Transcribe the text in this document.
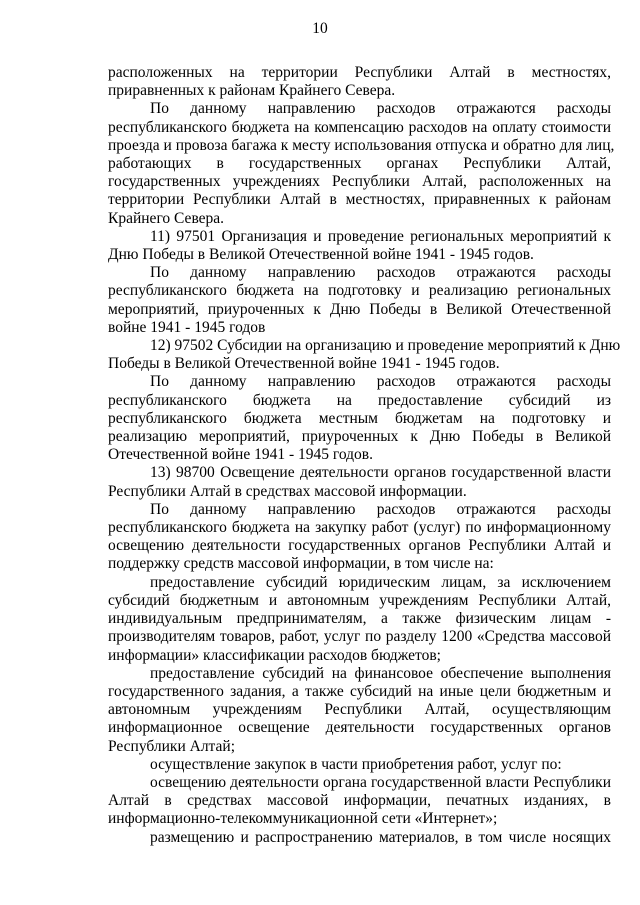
10
расположенных на территории Республики Алтай в местностях,
приравненных к районам Крайнего Севера.
По данному направлению расходов отражаются расходы
республиканского бюджета на компенсацию расходов на оплату стоимости
проезда и провоза багажа к месту использования отпуска и обратно для лиц,
работающих в государственных органах Республики Алтай,
государственных учреждениях Республики Алтай, расположенных на
территории Республики Алтай в местностях, приравненных к районам
Крайнего Севера.
11) 97501 Организация и проведение региональных мероприятий к
Дню Победы в Великой Отечественной войне 1941 - 1945 годов.
По данному направлению расходов отражаются расходы
республиканского бюджета на подготовку и реализацию региональных
мероприятий, приуроченных к Дню Победы в Великой Отечественной
войне 1941 - 1945 годов
12) 97502 Субсидии на организацию и проведение мероприятий к Дню
Победы в Великой Отечественной войне 1941 - 1945 годов.
По данному направлению расходов отражаются расходы
республиканского бюджета на предоставление субсидий из
республиканского бюджета местным бюджетам на подготовку и
реализацию мероприятий, приуроченных к Дню Победы в Великой
Отечественной войне 1941 - 1945 годов.
13) 98700 Освещение деятельности органов государственной власти
Республики Алтай в средствах массовой информации.
По данному направлению расходов отражаются расходы
республиканского бюджета на закупку работ (услуг) по информационному
освещению деятельности государственных органов Республики Алтай и
поддержку средств массовой информации, в том числе на:
предоставление субсидий юридическим лицам, за исключением
субсидий бюджетным и автономным учреждениям Республики Алтай,
индивидуальным предпринимателям, а также физическим лицам -
производителям товаров, работ, услуг по разделу 1200 «Средства массовой
информации» классификации расходов бюджетов;
предоставление субсидий на финансовое обеспечение выполнения
государственного задания, а также субсидий на иные цели бюджетным и
автономным учреждениям Республики Алтай, осуществляющим
информационное освещение деятельности государственных органов
Республики Алтай;
осуществление закупок в части приобретения работ, услуг по:
освещению деятельности органа государственной власти Республики
Алтай в средствах массовой информации, печатных изданиях, в
информационно-телекоммуникационной сети «Интернет»;
размещению и распространению материалов, в том числе носящих
